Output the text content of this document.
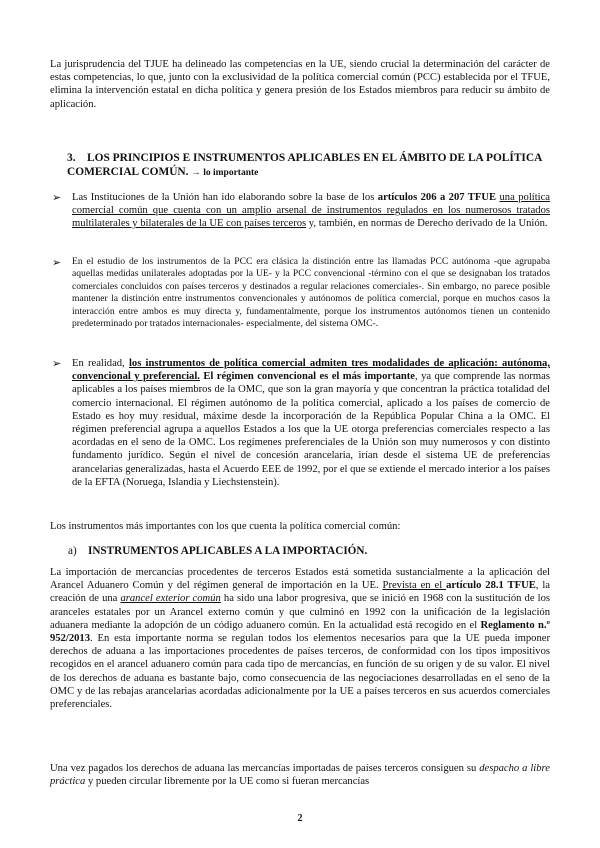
La jurisprudencia del TJUE ha delineado las competencias en la UE, siendo crucial la determinación del carácter de estas competencias, lo que, junto con la exclusividad de la política comercial común (PCC) establecida por el TFUE, elimina la intervención estatal en dicha política y genera presión de los Estados miembros para reducir su ámbito de aplicación.

3. LOS PRINCIPIOS E INSTRUMENTOS APLICABLES EN EL ÁMBITO DE LA POLÍTICA COMERCIAL COMÚN. → lo importante
➢ Las Instituciones de la Unión han ido elaborando sobre la base de los artículos 206 a 207 TFUE una política comercial común que cuenta con un amplio arsenal de instrumentos regulados en los numerosos tratados multilaterales y bilaterales de la UE con países terceros y, también, en normas de Derecho derivado de la Unión.

➢ En el estudio de los instrumentos de la PCC era clásica la distinción entre las llamadas PCC autónoma -que agrupaba aquellas medidas unilaterales adoptadas por la UE- y la PCC convencional -término con el que se designaban los tratados comerciales concluidos con países terceros y destinados a regular relaciones comerciales-. Sin embargo, no parece posible mantener la distinción entre instrumentos convencionales y autónomos de política comercial, porque en muchos casos la interacción entre ambos es muy directa y, fundamentalmente, porque los instrumentos autónomos tienen un contenido predeterminado por tratados internacionales- especialmente, del sistema OMC-.

➢ En realidad, los instrumentos de política comercial admiten tres modalidades de aplicación: autónoma, convencional y preferencial. El régimen convencional es el más importante, ya que comprende las normas aplicables a los países miembros de la OMC, que son la gran mayoría y que concentran la práctica totalidad del comercio internacional. El régimen autónomo de la política comercial, aplicado a los países de comercio de Estado es hoy muy residual, máxime desde la incorporación de la República Popular China a la OMC. El régimen preferencial agrupa a aquellos Estados a los que la UE otorga preferencias comerciales respecto a las acordadas en el seno de la OMC. Los regímenes preferenciales de la Unión son muy numerosos y con distinto fundamento jurídico. Según el nivel de concesión arancelaria, irían desde el sistema UE de preferencias arancelarias generalizadas, hasta el Acuerdo EEE de 1992, por el que se extiende el mercado interior a los países de la EFTA (Noruega, Islandia y Liechstenstein).

Los instrumentos más importantes con los que cuenta la política comercial común:

a) INSTRUMENTOS APLICABLES A LA IMPORTACIÓN.

La importación de mercancías procedentes de terceros Estados está sometida sustancialmente a la aplicación del Arancel Aduanero Común y del régimen general de importación en la UE. Prevista en el artículo 28.1 TFUE, la creación de una arancel exterior común ha sido una labor progresiva, que se inició en 1968 con la sustitución de los aranceles estatales por un Arancel externo común y que culminó en 1992 con la unificación de la legislación aduanera mediante la adopción de un código aduanero común. En la actualidad está recogido en el Reglamento n.º 952/2013. En esta importante norma se regulan todos los elementos necesarios para que la UE pueda imponer derechos de aduana a las importaciones procedentes de países terceros, de conformidad con los tipos impositivos recogidos en el arancel aduanero común para cada tipo de mercancías, en función de su origen y de su valor. El nivel de los derechos de aduana es bastante bajo, como consecuencia de las negociaciones desarrolladas en el seno de la OMC y de las rebajas arancelarias acordadas adicionalmente por la UE a países terceros en sus acuerdos comerciales preferenciales.

Una vez pagados los derechos de aduana las mercancías importadas de países terceros consiguen su despacho a libre práctica y pueden circular libremente por la UE como si fueran mercancías

2
